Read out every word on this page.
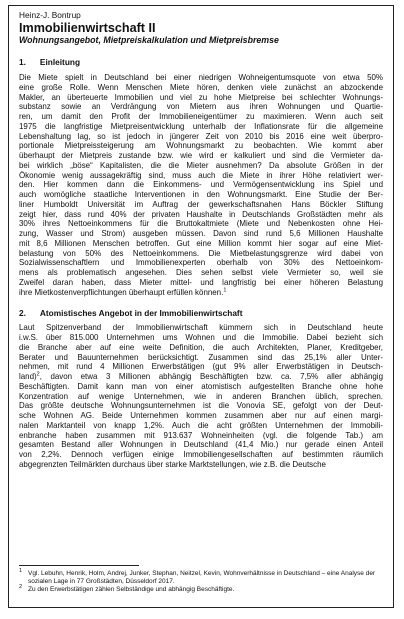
Heinz-J. Bontrup
Immobilienwirtschaft II
Wohnungsangebot, Mietpreiskalkulation und Mietpreisbremse
1. Einleitung
Die Miete spielt in Deutschland bei einer niedrigen Wohneigentumsquote von etwa 50%
eine große Rolle. Wenn Menschen Miete hören, denken viele zunächst an abzockende
Makler, an überteuerte Immobilien und viel zu hohe Mietpreise bei schlechter Wohnungs-
substanz sowie an Verdrängung von Mietern aus ihren Wohnungen und Quartie-
ren, um damit den Profit der Immobilieneigentümer zu maximieren. Wenn auch seit
1975 die langfristige Mietpreisentwicklung unterhalb der Inflationsrate für die allgemeine
Lebenshaltung lag, so ist jedoch in jüngerer Zeit von 2010 bis 2016 eine weit überpro-
portionale Mietpreissteigerung am Wohnungsmarkt zu beobachten. Wie kommt aber
überhaupt der Mietpreis zustande bzw. wie wird er kalkuliert und sind die Vermieter da-
bei wirklich „böse“ Kapitalisten, die die Mieter ausnehmen? Da absolute Größen in der
Ökonomie wenig aussagekräftig sind, muss auch die Miete in ihrer Höhe relativiert wer-
den. Hier kommen dann die Einkommens- und Vermögensentwicklung ins Spiel und
auch womögliche staatliche Interventionen in den Wohnungsmarkt. Eine Studie der Ber-
liner Humboldt Universität im Auftrag der gewerkschaftsnahen Hans Böckler Stiftung
zeigt hier, dass rund 40% der privaten Haushalte in Deutschlands Großstädten mehr als
30% ihres Nettoeinkommens für die Bruttokaltmiete (Miete und Nebenkosten ohne Hei-
zung, Wasser und Strom) ausgeben müssen. Davon sind rund 5,6 Millionen Haushalte
mit 8,6 Millionen Menschen betroffen. Gut eine Million kommt hier sogar auf eine Miet-
belastung von 50% des Nettoeinkommens. Die Mietbelastungsgrenze wird dabei von
Sozialwissenschaftlern und Immobilienexperten oberhalb von 30% des Nettoeinkom-
mens als problematisch angesehen. Dies sehen selbst viele Vermieter so, weil sie
Zweifel daran haben, dass Mieter mittel- und langfristig bei einer höheren Belastung
ihre Mietkostenverpflichtungen überhaupt erfüllen können.$^1$
2. Atomistisches Angebot in der Immobilienwirtschaft
Laut Spitzenverband der Immobilienwirtschaft kümmern sich in Deutschland heute
i.w.S. über 815.000 Unternehmen ums Wohnen und die Immobilie. Dabei bezieht sich
die Branche aber auf eine weite Definition, die auch Architekten, Planer, Kreditgeber,
Berater und Bauunternehmen berücksichtigt. Zusammen sind das 25,1% aller Unter-
nehmen, mit rund 4 Millionen Erwerbstätigen (gut 9% aller Erwerbstätigen in Deutsch-
land)$^2$, davon etwa 3 Millionen abhängig Beschäftigten bzw. ca. 7,5% aller abhängig
Beschäftigten. Damit kann man von einer atomistisch aufgestellten Branche ohne hohe
Konzentration auf wenige Unternehmen, wie in anderen Branchen üblich, sprechen.
Das größte deutsche Wohnungsunternehmen ist die Vonovia SE, gefolgt von der Deut-
sche Wohnen AG. Beide Unternehmen kommen zusammen aber nur auf einen margi-
nalen Marktanteil von knapp 1,2%. Auch die acht größten Unternehmen der Immobili-
enbranche haben zusammen mit 913.637 Wohneinheiten (vgl. die folgende Tab.) am
gesamten Bestand aller Wohnungen in Deutschland (41,4 Mio.) nur gerade einen Anteil
von 2,2%. Dennoch verfügen einige Immobiliengesellschaften auf bestimmten räumlich
abgegrenzten Teilmärkten durchaus über starke Marktstellungen, wie z.B. die Deutsche
$^1$ Vgl. Lebuhn, Henrik, Holm, Andrej, Junker, Stephan, Neitzel, Kevin, Wohnverhältnisse in Deutschland – eine Analyse der sozialen Lage in 77 Großstädten, Düsseldorf 2017.
$^2$ Zu den Erwerbstätigen zählen Selbständige und abhängig Beschäftigte.
